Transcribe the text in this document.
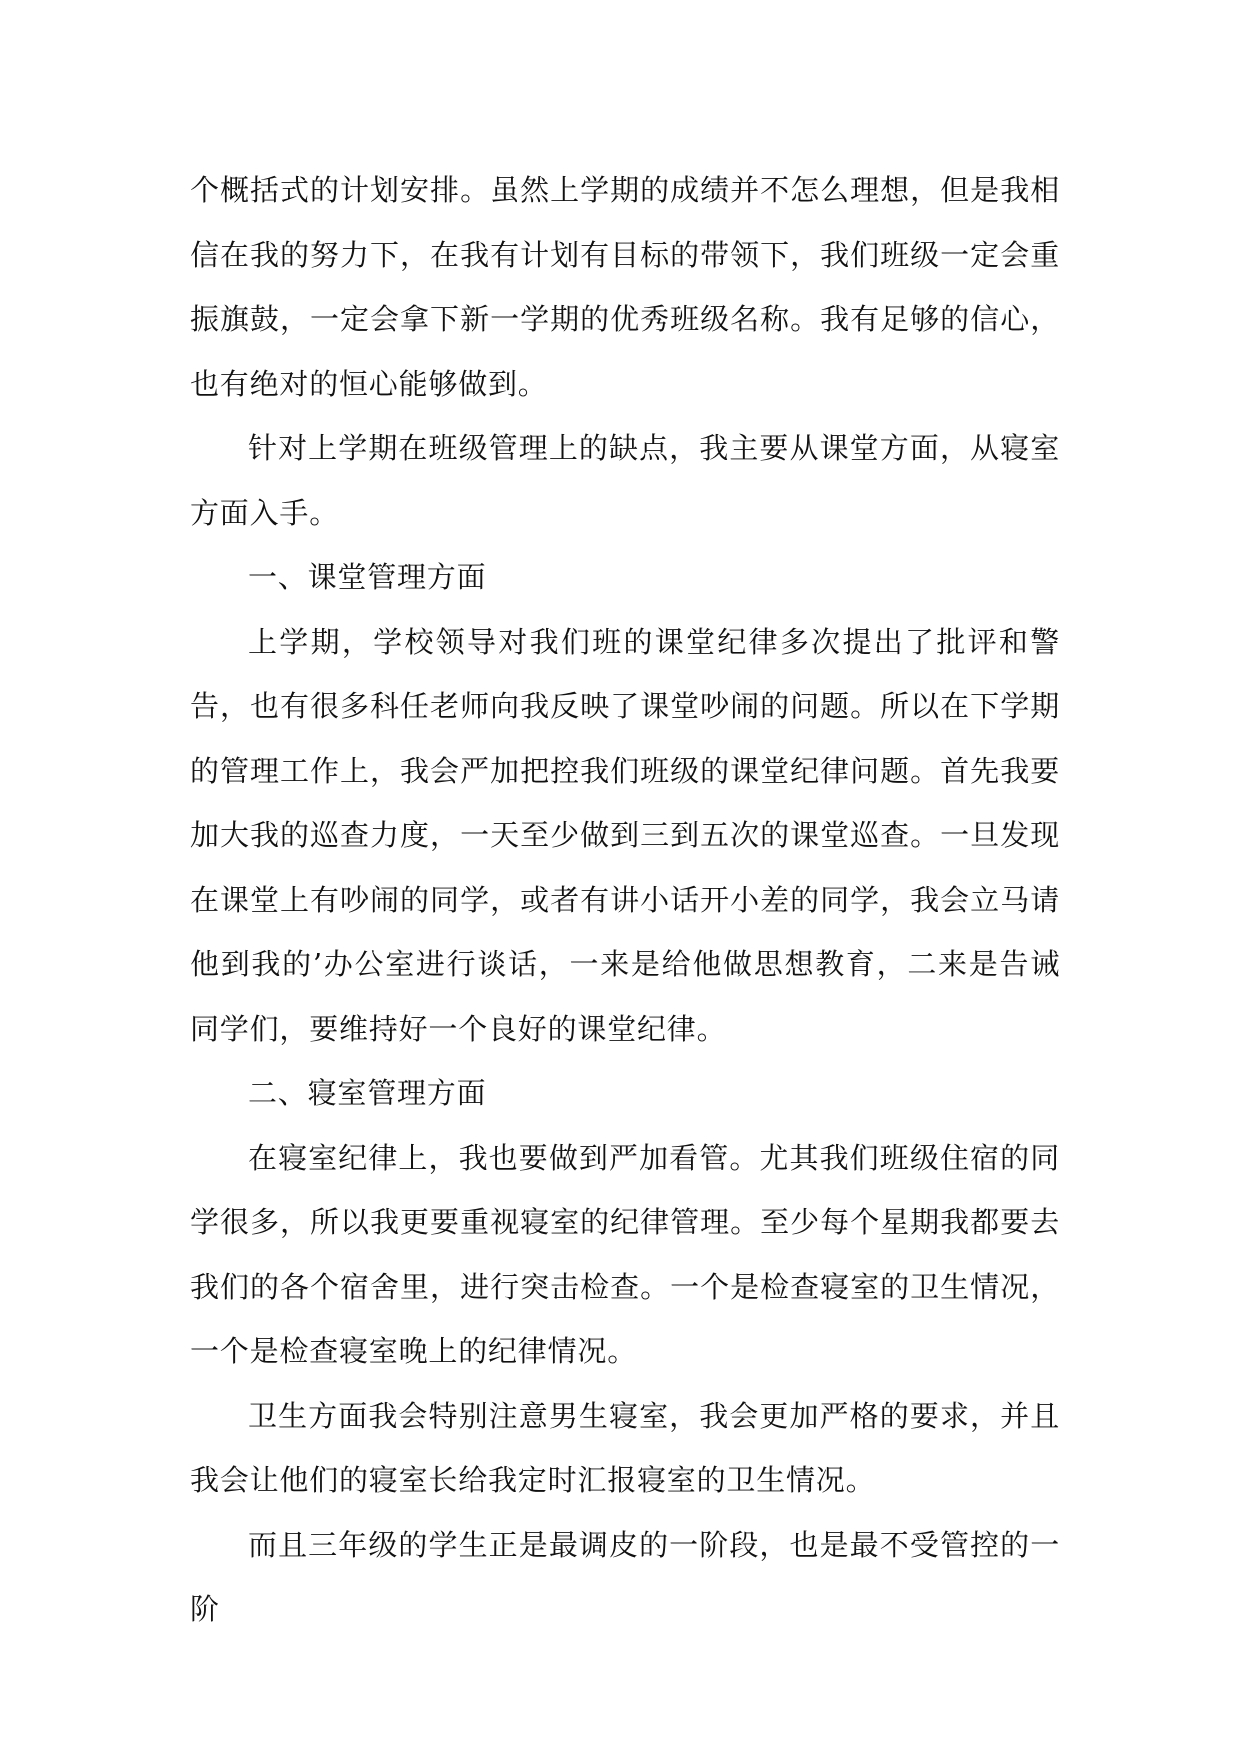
个概括式的计划安排。虽然上学期的成绩并不怎么理想，但是我相信在我的努力下，在我有计划有目标的带领下，我们班级一定会重振旗鼓，一定会拿下新一学期的优秀班级名称。我有足够的信心，也有绝对的恒心能够做到。

针对上学期在班级管理上的缺点，我主要从课堂方面，从寝室方面入手。

一、课堂管理方面

上学期，学校领导对我们班的课堂纪律多次提出了批评和警告，也有很多科任老师向我反映了课堂吵闹的问题。所以在下学期的管理工作上，我会严加把控我们班级的课堂纪律问题。首先我要加大我的巡查力度，一天至少做到三到五次的课堂巡查。一旦发现在课堂上有吵闹的同学，或者有讲小话开小差的同学，我会立马请他到我的’办公室进行谈话，一来是给他做思想教育，二来是告诫同学们，要维持好一个良好的课堂纪律。

二、寝室管理方面

在寝室纪律上，我也要做到严加看管。尤其我们班级住宿的同学很多，所以我更要重视寝室的纪律管理。至少每个星期我都要去我们的各个宿舍里，进行突击检查。一个是检查寝室的卫生情况，一个是检查寝室晚上的纪律情况。

卫生方面我会特别注意男生寝室，我会更加严格的要求，并且我会让他们的寝室长给我定时汇报寝室的卫生情况。

而且三年级的学生正是最调皮的一阶段，也是最不受管控的一阶
